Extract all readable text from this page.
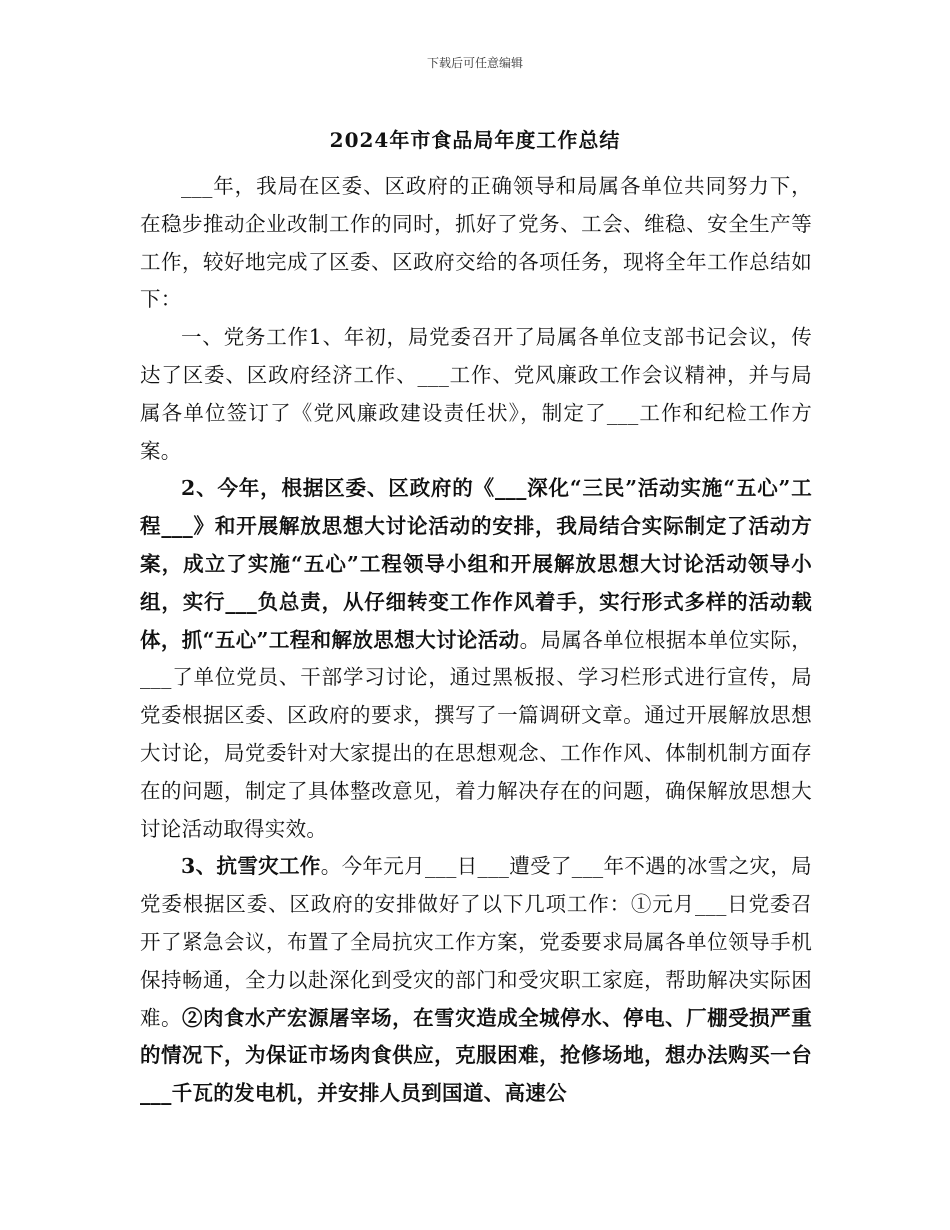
下载后可任意编辑
2024年市食品局年度工作总结

___年，我局在区委、区政府的正确领导和局属各单位共同努力下，在稳步推动企业改制工作的同时，抓好了党务、工会、维稳、安全生产等工作，较好地完成了区委、区政府交给的各项任务，现将全年工作总结如下：

一、党务工作1、年初，局党委召开了局属各单位支部书记会议，传达了区委、区政府经济工作、___工作、党风廉政工作会议精神，并与局属各单位签订了《党风廉政建设责任状》，制定了___工作和纪检工作方案。

2、今年，根据区委、区政府的《___深化“三民”活动实施“五心”工程___》和开展解放思想大讨论活动的安排，我局结合实际制定了活动方案，成立了实施“五心”工程领导小组和开展解放思想大讨论活动领导小组，实行___负总责，从仔细转变工作作风着手，实行形式多样的活动载体，抓“五心”工程和解放思想大讨论活动。局属各单位根据本单位实际，___了单位党员、干部学习讨论，通过黑板报、学习栏形式进行宣传，局党委根据区委、区政府的要求，撰写了一篇调研文章。通过开展解放思想大讨论，局党委针对大家提出的在思想观念、工作作风、体制机制方面存在的问题，制定了具体整改意见，着力解决存在的问题，确保解放思想大讨论活动取得实效。

3、抗雪灾工作。今年元月___日___遭受了___年不遇的冰雪之灾，局党委根据区委、区政府的安排做好了以下几项工作：①元月___日党委召开了紧急会议，布置了全局抗灾工作方案，党委要求局属各单位领导手机保持畅通，全力以赴深化到受灾的部门和受灾职工家庭，帮助解决实际困难。②肉食水产宏源屠宰场，在雪灾造成全城停水、停电、厂棚受损严重的情况下，为保证市场肉食供应，克服困难，抢修场地，想办法购买一台___千瓦的发电机，并安排人员到国道、高速公
